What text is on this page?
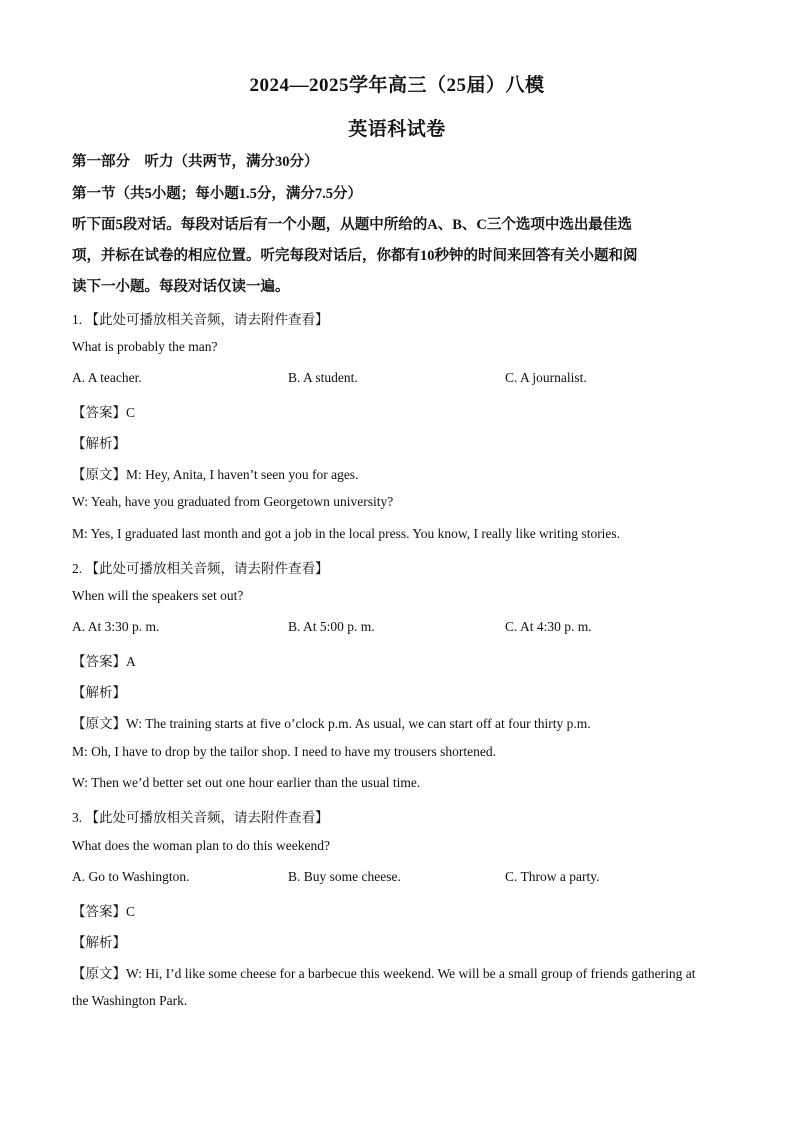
2024—2025学年高三（25届）八模
英语科试卷
第一部分　听力（共两节，满分30分）
第一节（共5小题；每小题1.5分，满分7.5分）
听下面5段对话。每段对话后有一个小题，从题中所给的A、B、C三个选项中选出最佳选
项，并标在试卷的相应位置。听完每段对话后，你都有10秒钟的时间来回答有关小题和阅
读下一小题。每段对话仅读一遍。
1. 【此处可播放相关音频，请去附件查看】
What is probably the man?
A. A teacher.	B. A student.	C. A journalist.
【答案】C
【解析】
【原文】M: Hey, Anita, I haven’t seen you for ages.
W: Yeah, have you graduated from Georgetown university?
M: Yes, I graduated last month and got a job in the local press. You know, I really like writing stories.
2. 【此处可播放相关音频，请去附件查看】
When will the speakers set out?
A. At 3:30 p. m.	B. At 5:00 p. m.	C. At 4:30 p. m.
【答案】A
【解析】
【原文】W: The training starts at five o’clock p.m. As usual, we can start off at four thirty p.m.
M: Oh, I have to drop by the tailor shop. I need to have my trousers shortened.
W: Then we’d better set out one hour earlier than the usual time.
3. 【此处可播放相关音频，请去附件查看】
What does the woman plan to do this weekend?
A. Go to Washington.	B. Buy some cheese.	C. Throw a party.
【答案】C
【解析】
【原文】W: Hi, I’d like some cheese for a barbecue this weekend. We will be a small group of friends gathering at
the Washington Park.
